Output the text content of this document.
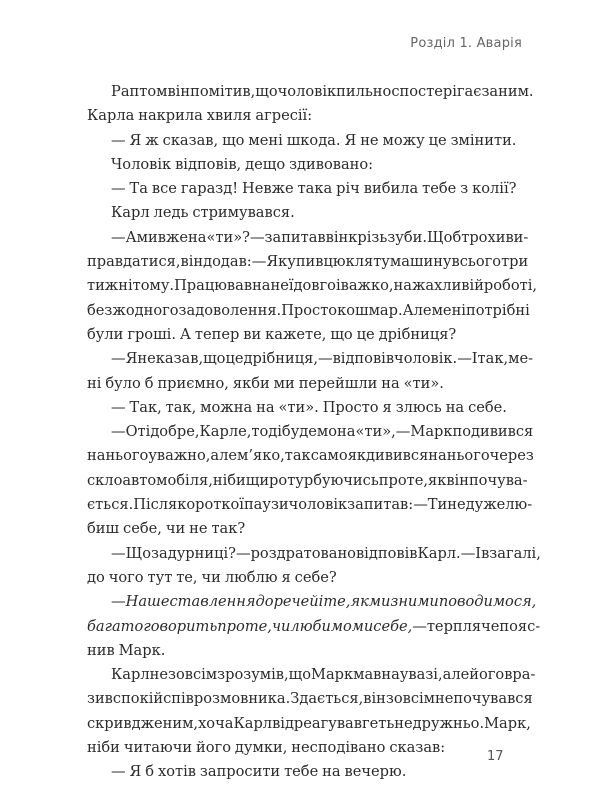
Розділ 1. Аварія
Раптом він помітив, що чоловік пильно спостерігає за ним.
Карла накрила хвиля агресії:
— Я ж сказав, що мені шкода. Я не можу це змінити.
Чоловік відповів, дещо здивовано:
— Та все гаразд! Невже така річ вибила тебе з колії?
Карл ледь стримувався.
— А ми вже на «ти»? — запитав він крізь зуби. Щоб трохи ви-
правдатися, він додав: — Я купив цю кляту машину всього три
тижні тому. Працював на неї довго і важко, на жахливій роботі,
без жодного задоволення. Просто кошмар. Але мені потрібні
були гроші. А тепер ви кажете, що це дрібниця?
— Я не казав, що це дрібниця, — відповів чоловік. — І так, ме-
ні було б приємно, якби ми перейшли на «ти».
— Так, так, можна на «ти». Просто я злюсь на себе.
— От і добре, Карле, тоді будемо на «ти», — Марк подивився
на нього уважно, але м’яко, так само як дивився на нього через
скло автомобіля, ніби щиро турбуючись про те, як він почува-
ється. Після короткої паузи чоловік запитав: — Ти не дуже лю-
биш себе, чи не так?
— Що за дурниці? — роздратовано відповів Карл. — І взагалі,
до чого тут те, чи люблю я себе?
— Наше ставлення до речей і те, як ми з ними поводимося,
багато говорить про те, чи любимо ми себе, — терпляче пояс-
нив Марк.
Карл не зовсім зрозумів, що Марк мав на увазі, але його вра-
зив спокій співрозмовника. Здається, він зовсім не почувався
скривдженим, хоча Карл відреагував геть не дружньо. Марк,
ніби читаючи його думки, несподівано сказав:
— Я б хотів запросити тебе на вечерю.
17
